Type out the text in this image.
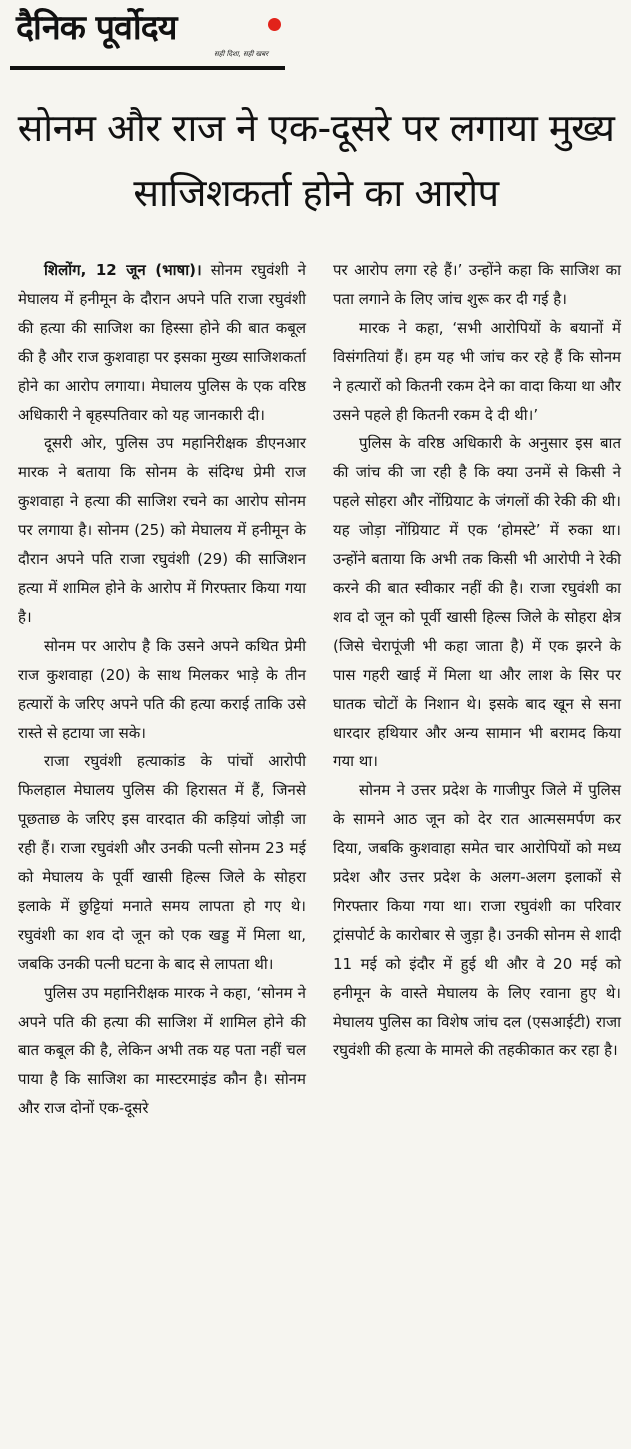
दैनिक पूर्वोदय
सही दिशा, सही खबर
सोनम और राज ने एक-दूसरे पर लगाया मुख्य साजिशकर्ता होने का आरोप

शिलोंग, 12 जून (भाषा)। सोनम रघुवंशी ने मेघालय में हनीमून के दौरान अपने पति राजा रघुवंशी की हत्या की साजिश का हिस्सा होने की बात कबूल की है और राज कुशवाहा पर इसका मुख्य साजिशकर्ता होने का आरोप लगाया। मेघालय पुलिस के एक वरिष्ठ अधिकारी ने बृहस्पतिवार को यह जानकारी दी।

दूसरी ओर, पुलिस उप महानिरीक्षक डीएनआर मारक ने बताया कि सोनम के संदिग्ध प्रेमी राज कुशवाहा ने हत्या की साजिश रचने का आरोप सोनम पर लगाया है। सोनम (25) को मेघालय में हनीमून के दौरान अपने पति राजा रघुवंशी (29) की साजिशन हत्या में शामिल होने के आरोप में गिरफ्तार किया गया है।

सोनम पर आरोप है कि उसने अपने कथित प्रेमी राज कुशवाहा (20) के साथ मिलकर भाड़े के तीन हत्यारों के जरिए अपने पति की हत्या कराई ताकि उसे रास्ते से हटाया जा सके।

राजा रघुवंशी हत्याकांड के पांचों आरोपी फिलहाल मेघालय पुलिस की हिरासत में हैं, जिनसे पूछताछ के जरिए इस वारदात की कड़ियां जोड़ी जा रही हैं। राजा रघुवंशी और उनकी पत्नी सोनम 23 मई को मेघालय के पूर्वी खासी हिल्स जिले के सोहरा इलाके में छुट्टियां मनाते समय लापता हो गए थे। रघुवंशी का शव दो जून को एक खड्ड में मिला था, जबकि उनकी पत्नी घटना के बाद से लापता थी।

पुलिस उप महानिरीक्षक मारक ने कहा, ‘सोनम ने अपने पति की हत्या की साजिश में शामिल होने की बात कबूल की है, लेकिन अभी तक यह पता नहीं चल पाया है कि साजिश का मास्टरमाइंड कौन है। सोनम और राज दोनों एक-दूसरे

पर आरोप लगा रहे हैं।’ उन्होंने कहा कि साजिश का पता लगाने के लिए जांच शुरू कर दी गई है।

मारक ने कहा, ‘सभी आरोपियों के बयानों में विसंगतियां हैं। हम यह भी जांच कर रहे हैं कि सोनम ने हत्यारों को कितनी रकम देने का वादा किया था और उसने पहले ही कितनी रकम दे दी थी।’

पुलिस के वरिष्ठ अधिकारी के अनुसार इस बात की जांच की जा रही है कि क्या उनमें से किसी ने पहले सोहरा और नोंग्रियाट के जंगलों की रेकी की थी। यह जोड़ा नोंग्रियाट में एक ‘होमस्टे’ में रुका था। उन्होंने बताया कि अभी तक किसी भी आरोपी ने रेकी करने की बात स्वीकार नहीं की है। राजा रघुवंशी का शव दो जून को पूर्वी खासी हिल्स जिले के सोहरा क्षेत्र (जिसे चेरापूंजी भी कहा जाता है) में एक झरने के पास गहरी खाई में मिला था और लाश के सिर पर घातक चोटों के निशान थे। इसके बाद खून से सना धारदार हथियार और अन्य सामान भी बरामद किया गया था।

सोनम ने उत्तर प्रदेश के गाजीपुर जिले में पुलिस के सामने आठ जून को देर रात आत्मसमर्पण कर दिया, जबकि कुशवाहा समेत चार आरोपियों को मध्य प्रदेश और उत्तर प्रदेश के अलग-अलग इलाकों से गिरफ्तार किया गया था। राजा रघुवंशी का परिवार ट्रांसपोर्ट के कारोबार से जुड़ा है। उनकी सोनम से शादी 11 मई को इंदौर में हुई थी और वे 20 मई को हनीमून के वास्ते मेघालय के लिए रवाना हुए थे। मेघालय पुलिस का विशेष जांच दल (एसआईटी) राजा रघुवंशी की हत्या के मामले की तहकीकात कर रहा है।
